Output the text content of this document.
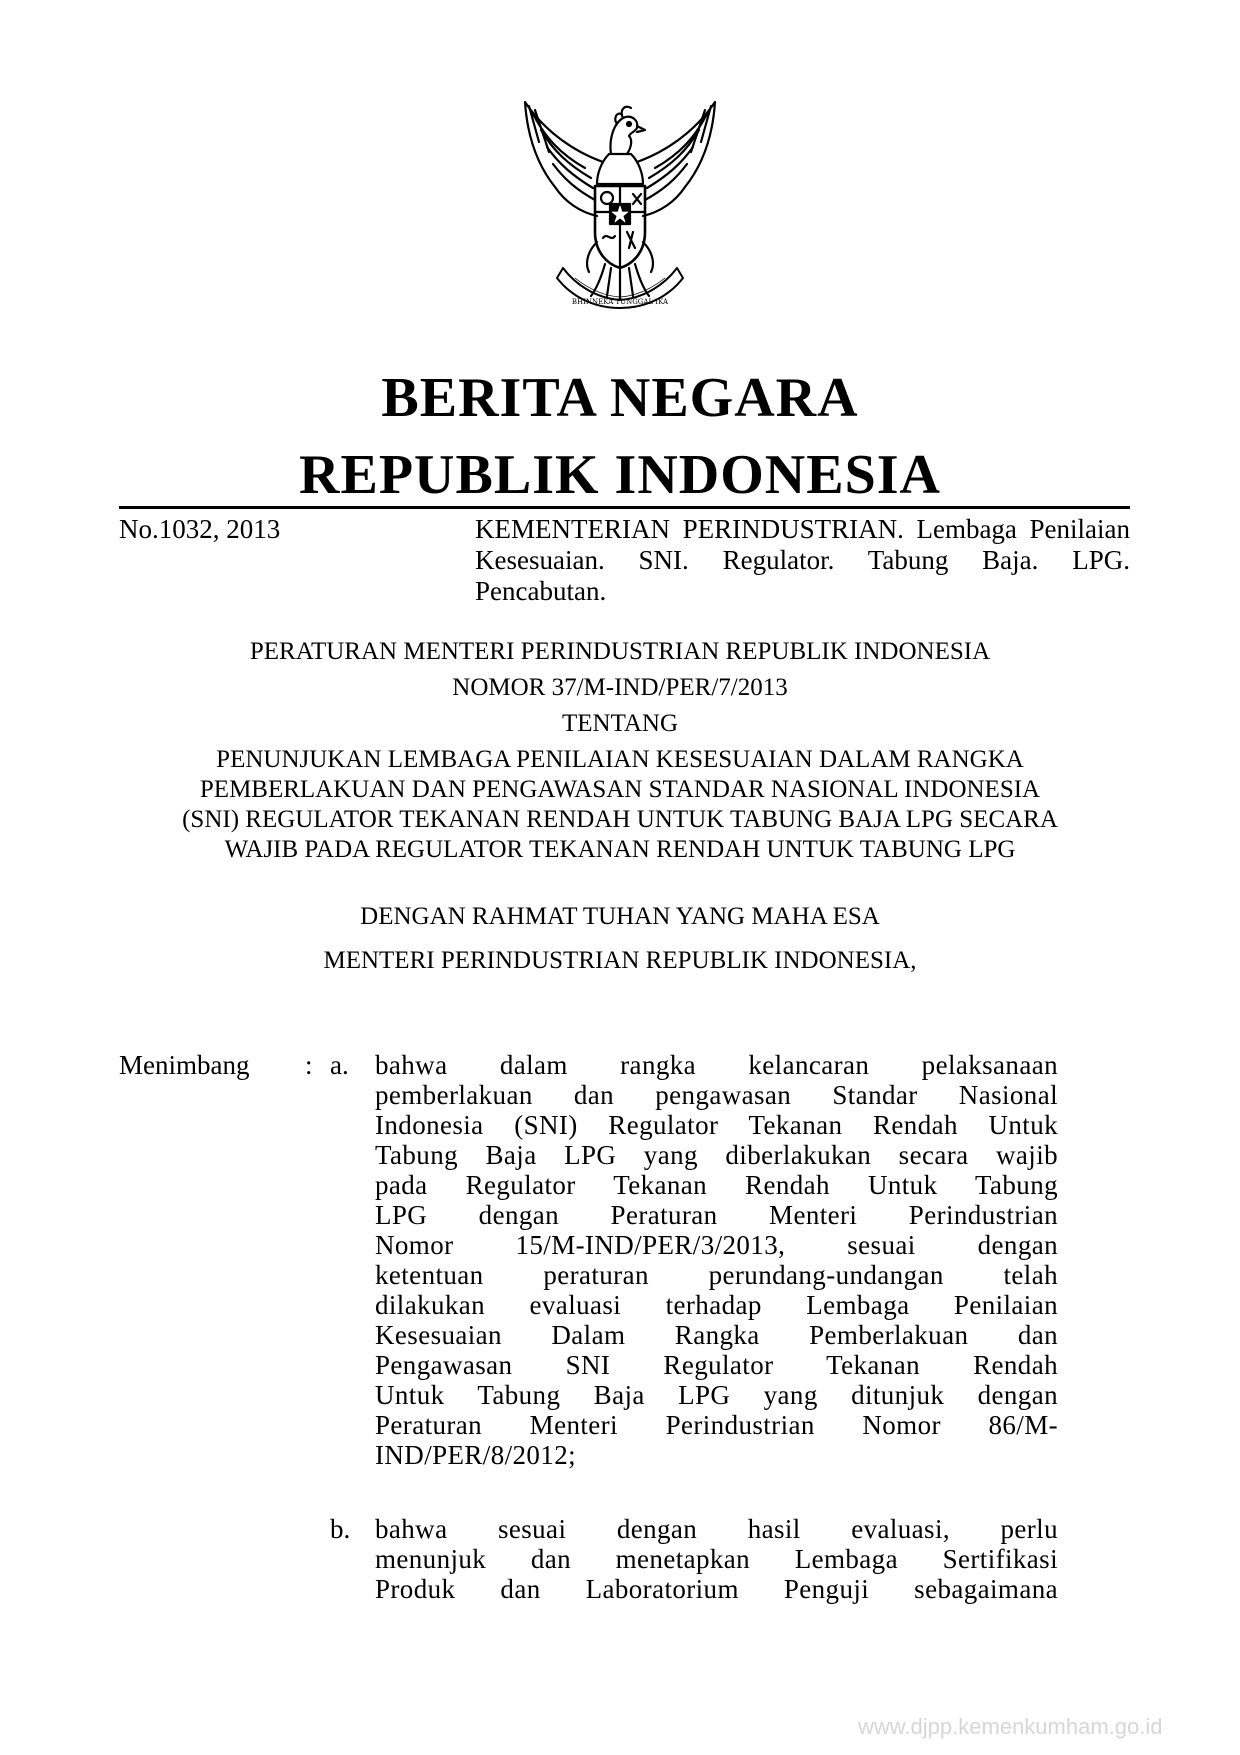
BHINNEKA TUNGGAL IKA
BERITA NEGARA
REPUBLIK INDONESIA
No.1032, 2013	KEMENTERIAN PERINDUSTRIAN. Lembaga Penilaian Kesesuaian. SNI. Regulator. Tabung Baja. LPG. Pencabutan.
PERATURAN MENTERI PERINDUSTRIAN REPUBLIK INDONESIA
NOMOR 37/M-IND/PER/7/2013
TENTANG
PENUNJUKAN LEMBAGA PENILAIAN KESESUAIAN DALAM RANGKA
PEMBERLAKUAN DAN PENGAWASAN STANDAR NASIONAL INDONESIA
(SNI) REGULATOR TEKANAN RENDAH UNTUK TABUNG BAJA LPG SECARA
WAJIB PADA REGULATOR TEKANAN RENDAH UNTUK TABUNG LPG
DENGAN RAHMAT TUHAN YANG MAHA ESA
MENTERI PERINDUSTRIAN REPUBLIK INDONESIA,
Menimbang : a. bahwa dalam rangka kelancaran pelaksanaan
pemberlakuan dan pengawasan Standar Nasional
Indonesia (SNI) Regulator Tekanan Rendah Untuk
Tabung Baja LPG yang diberlakukan secara wajib
pada Regulator Tekanan Rendah Untuk Tabung
LPG dengan Peraturan Menteri Perindustrian
Nomor 15/M-IND/PER/3/2013, sesuai dengan
ketentuan peraturan perundang-undangan telah
dilakukan evaluasi terhadap Lembaga Penilaian
Kesesuaian Dalam Rangka Pemberlakuan dan
Pengawasan SNI Regulator Tekanan Rendah
Untuk Tabung Baja LPG yang ditunjuk dengan
Peraturan Menteri Perindustrian Nomor 86/M-
IND/PER/8/2012;
b. bahwa sesuai dengan hasil evaluasi, perlu
menunjuk dan menetapkan Lembaga Sertifikasi
Produk dan Laboratorium Penguji sebagaimana
www.djpp.kemenkumham.go.id
